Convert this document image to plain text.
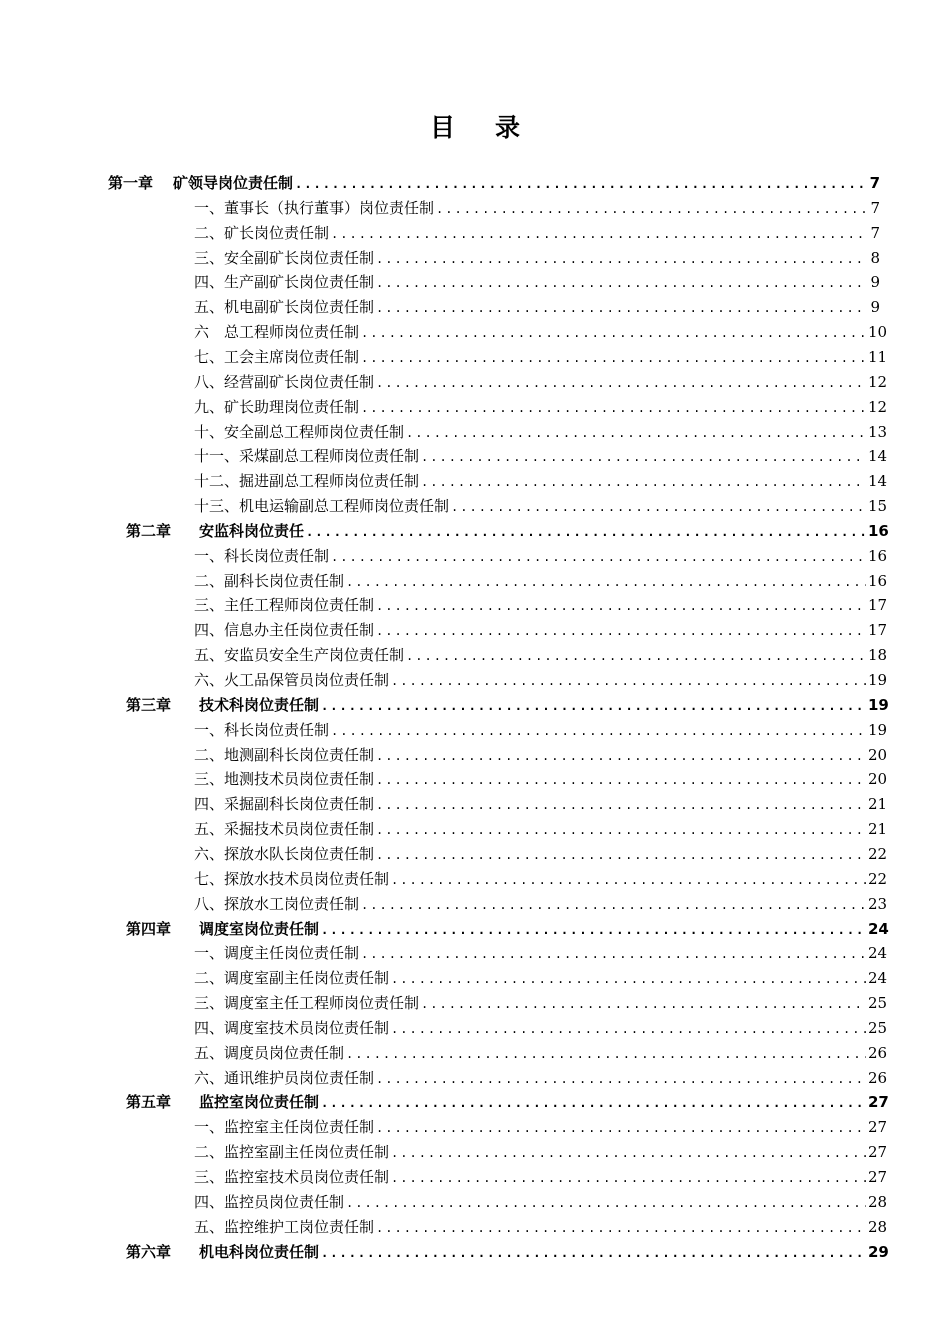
目 录
第一章 矿领导岗位责任制 .....	7
一、董事长（执行董事）岗位责任制 .....	7
二、矿长岗位责任制 .....	7
三、安全副矿长岗位责任制 .....	8
四、生产副矿长岗位责任制 .....	9
五、机电副矿长岗位责任制 .....	9
六　总工程师岗位责任制 .....	10
七、工会主席岗位责任制 .....	11
八、经营副矿长岗位责任制 .....	12
九、矿长助理岗位责任制 .....	12
十、安全副总工程师岗位责任制 .....	13
十一、采煤副总工程师岗位责任制 .....	14
十二、掘进副总工程师岗位责任制 .....	14
十三、机电运输副总工程师岗位责任制 .....	15
第二章 安监科岗位责任 .....	16
一、科长岗位责任制 .....	16
二、副科长岗位责任制 .....	16
三、主任工程师岗位责任制 .....	17
四、信息办主任岗位责任制 .....	17
五、安监员安全生产岗位责任制 .....	18
六、火工品保管员岗位责任制 .....	19
第三章 技术科岗位责任制 .....	19
一、科长岗位责任制 .....	19
二、地测副科长岗位责任制 .....	20
三、地测技术员岗位责任制 .....	20
四、采掘副科长岗位责任制 .....	21
五、采掘技术员岗位责任制 .....	21
六、探放水队长岗位责任制 .....	22
七、探放水技术员岗位责任制 .....	22
八、探放水工岗位责任制 .....	23
第四章 调度室岗位责任制 .....	24
一、调度主任岗位责任制 .....	24
二、调度室副主任岗位责任制 .....	24
三、调度室主任工程师岗位责任制 .....	25
四、调度室技术员岗位责任制 .....	25
五、调度员岗位责任制 .....	26
六、通讯维护员岗位责任制 .....	26
第五章 监控室岗位责任制 .....	27
一、监控室主任岗位责任制 .....	27
二、监控室副主任岗位责任制 .....	27
三、监控室技术员岗位责任制 .....	27
四、监控员岗位责任制 .....	28
五、监控维护工岗位责任制 .....	28
第六章 机电科岗位责任制 .....	29
